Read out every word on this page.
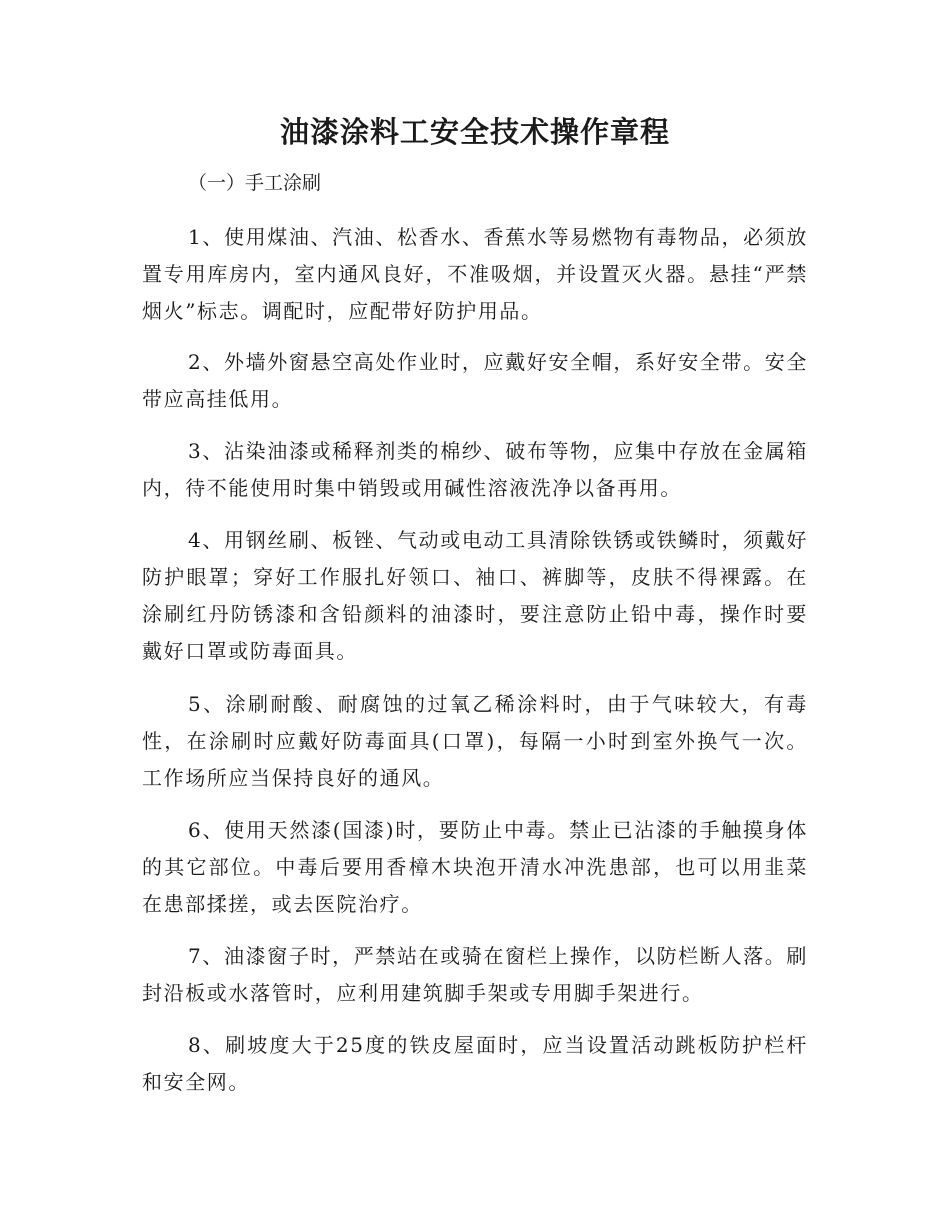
油漆涂料工安全技术操作章程

（一）手工涂刷

1、使用煤油、汽油、松香水、香蕉水等易燃物有毒物品，必须放置专用库房内，室内通风良好，不准吸烟，并设置灭火器。悬挂“严禁烟火”标志。调配时，应配带好防护用品。

2、外墙外窗悬空高处作业时，应戴好安全帽，系好安全带。安全带应高挂低用。

3、沾染油漆或稀释剂类的棉纱、破布等物，应集中存放在金属箱内，待不能使用时集中销毁或用碱性溶液洗净以备再用。

4、用钢丝刷、板锉、气动或电动工具清除铁锈或铁鳞时，须戴好防护眼罩；穿好工作服扎好领口、袖口、裤脚等，皮肤不得裸露。在涂刷红丹防锈漆和含铅颜料的油漆时，要注意防止铅中毒，操作时要戴好口罩或防毒面具。

5、涂刷耐酸、耐腐蚀的过氧乙稀涂料时，由于气味较大，有毒性，在涂刷时应戴好防毒面具(口罩)，每隔一小时到室外换气一次。工作场所应当保持良好的通风。

6、使用天然漆(国漆)时，要防止中毒。禁止已沾漆的手触摸身体的其它部位。中毒后要用香樟木块泡开清水冲洗患部，也可以用韭菜在患部揉搓，或去医院治疗。

7、油漆窗子时，严禁站在或骑在窗栏上操作，以防栏断人落。刷封沿板或水落管时，应利用建筑脚手架或专用脚手架进行。

8、刷坡度大于25度的铁皮屋面时，应当设置活动跳板防护栏杆和安全网。
